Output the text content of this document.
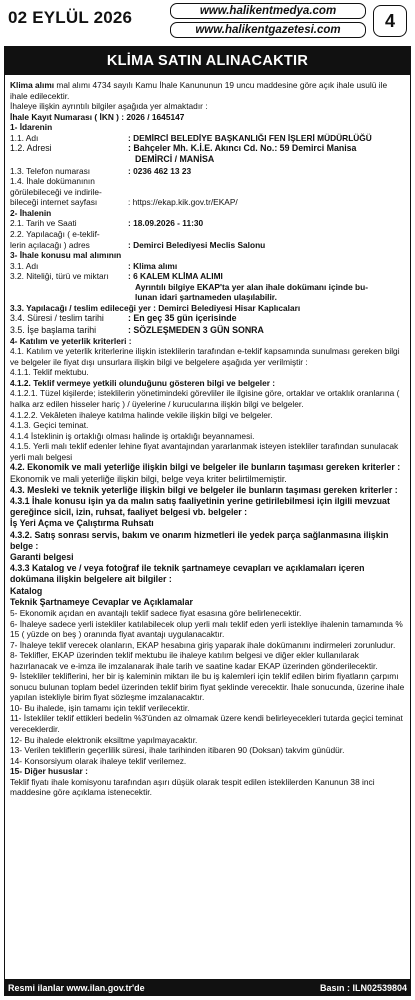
02 EYLÜL 2026	www.halikentmedya.com
www.halikentgazetesi.com	4
KLİMA SATIN ALINACAKTIR

Klima alımı mal alımı 4734 sayılı Kamu İhale Kanununun 19 uncu maddesine göre açık ihale usulü ile ihale edilecektir.

İhaleye ilişkin ayrıntılı bilgiler aşağıda yer almaktadır :

İhale Kayıt Numarası ( İKN ) : 2026 / 1645147

1- İdarenin

1.1. Adı	: DEMİRCİ BELEDİYE BAŞKANLIĞI FEN İŞLERİ MÜDÜRLÜĞÜ
1.2. Adresi	: Bahçeler Mh. K.İ.E. Akıncı Cd. No.: 59 Demirci Manisa

DEMİRCİ / MANİSA

1.3. Telefon numarası	: 0236 462 13 23

1.4. İhale dokümanının

görülebileceği ve indirile-

bileceği internet sayfası	: https://ekap.kik.gov.tr/EKAP/

2- İhalenin

2.1. Tarih ve Saati	: 18.09.2026 - 11:30

2.2. Yapılacağı ( e-teklif-

lerin açılacağı ) adres	: Demirci Belediyesi Meclis Salonu

3- İhale konusu mal alımının

3.1. Adı	: Klima alımı
3.2. Niteliği, türü ve miktarı	: 6 KALEM KLİMA ALIMI

Ayrıntılı bilgiye EKAP'ta yer alan ihale dokümanı içinde bu-

lunan idari şartnameden ulaşılabilir.

3.3. Yapılacağı / teslim edileceği yer : Demirci Belediyesi Hisar Kaplıcaları

3.4. Süresi / teslim tarihi	: En geç 35 gün içerisinde
3.5. İşe başlama tarihi	: SÖZLEŞMEDEN 3 GÜN SONRA

4- Katılım ve yeterlik kriterleri :

4.1. Katılım ve yeterlik kriterlerine ilişkin isteklilerin tarafından e-teklif kapsamında sunulması gereken bilgi ve belgeler ile fiyat dışı unsurlara ilişkin bilgi ve belgelere aşağıda yer verilmiştir :

4.1.1. Teklif mektubu.

4.1.2. Teklif vermeye yetkili olunduğunu gösteren bilgi ve belgeler :

4.1.2.1. Tüzel kişilerde; isteklilerin yönetimindeki görevliler ile ilgisine göre, ortaklar ve ortaklık oranlarına ( halka arz edilen hisseler hariç ) / üyelerine / kurucularına ilişkin bilgi ve belgeler.

4.1.2.2. Vekâleten ihaleye katılma halinde vekile ilişkin bilgi ve belgeler.

4.1.3. Geçici teminat.

4.1.4 İsteklinin iş ortaklığı olması halinde iş ortaklığı beyannamesi.

4.1.5. Yerli malı teklif edenler lehine fiyat avantajından yararlanmak isteyen istekliler tarafından sunulacak yerli malı belgesi

4.2. Ekonomik ve mali yeterliğe ilişkin bilgi ve belgeler ile bunların taşıması gereken kriterler :

Ekonomik ve mali yeterliğe ilişkin bilgi, belge veya kriter belirtilmemiştir.

4.3. Mesleki ve teknik yeterliğe ilişkin bilgi ve belgeler ile bunların taşıması gereken kriterler :

4.3.1 İhale konusu işin ya da malın satış faaliyetinin yerine getirilebilmesi için ilgili mevzuat gereğince sicil, izin, ruhsat, faaliyet belgesi vb. belgeler :

İş Yeri Açma ve Çalıştırma Ruhsatı

4.3.2. Satış sonrası servis, bakım ve onarım hizmetleri ile yedek parça sağlanmasına ilişkin belge :

Garanti belgesi

4.3.3 Katalog ve / veya fotoğraf ile teknik şartnameye cevapları ve açıklamaları içeren dokümana ilişkin belgelere ait bilgiler :

Katalog

Teknik Şartnameye Cevaplar ve Açıklamalar

5- Ekonomik açıdan en avantajlı teklif sadece fiyat esasına göre belirlenecektir.

6- İhaleye sadece yerli istekliler katılabilecek olup yerli malı teklif eden yerli istekliye ihalenin tamamında % 15 ( yüzde on beş ) oranında fiyat avantajı uygulanacaktır.

7- İhaleye teklif verecek olanların, EKAP hesabına giriş yaparak ihale dokümanını indirmeleri zorunludur.

8- Teklifler, EKAP üzerinden teklif mektubu ile ihaleye katılım belgesi ve diğer ekler kullanılarak hazırlanacak ve e-imza ile imzalanarak ihale tarih ve saatine kadar EKAP üzerinden gönderilecektir.

9- İstekliler tekliflerini, her bir iş kaleminin miktarı ile bu iş kalemleri için teklif edilen birim fiyatların çarpımı sonucu bulunan toplam bedel üzerinden teklif birim fiyat şeklinde verecektir. İhale sonucunda, üzerine ihale yapılan istekliyle birim fiyat sözleşme imzalanacaktır.

10- Bu ihalede, işin tamamı için teklif verilecektir.

11- İstekliler teklif ettikleri bedelin %3'ünden az olmamak üzere kendi belirleyecekleri tutarda geçici teminat vereceklerdir.

12- Bu ihalede elektronik eksiltme yapılmayacaktır.

13- Verilen tekliflerin geçerlilik süresi, ihale tarihinden itibaren 90 (Doksan) takvim günüdür.

14- Konsorsiyum olarak ihaleye teklif verilemez.

15- Diğer hususlar :

Teklif fiyatı ihale komisyonu tarafından aşırı düşük olarak tespit edilen isteklilerden Kanunun 38 inci maddesine göre açıklama istenecektir.

Resmi ilanlar www.ilan.gov.tr'de	Basın : ILN02539804
